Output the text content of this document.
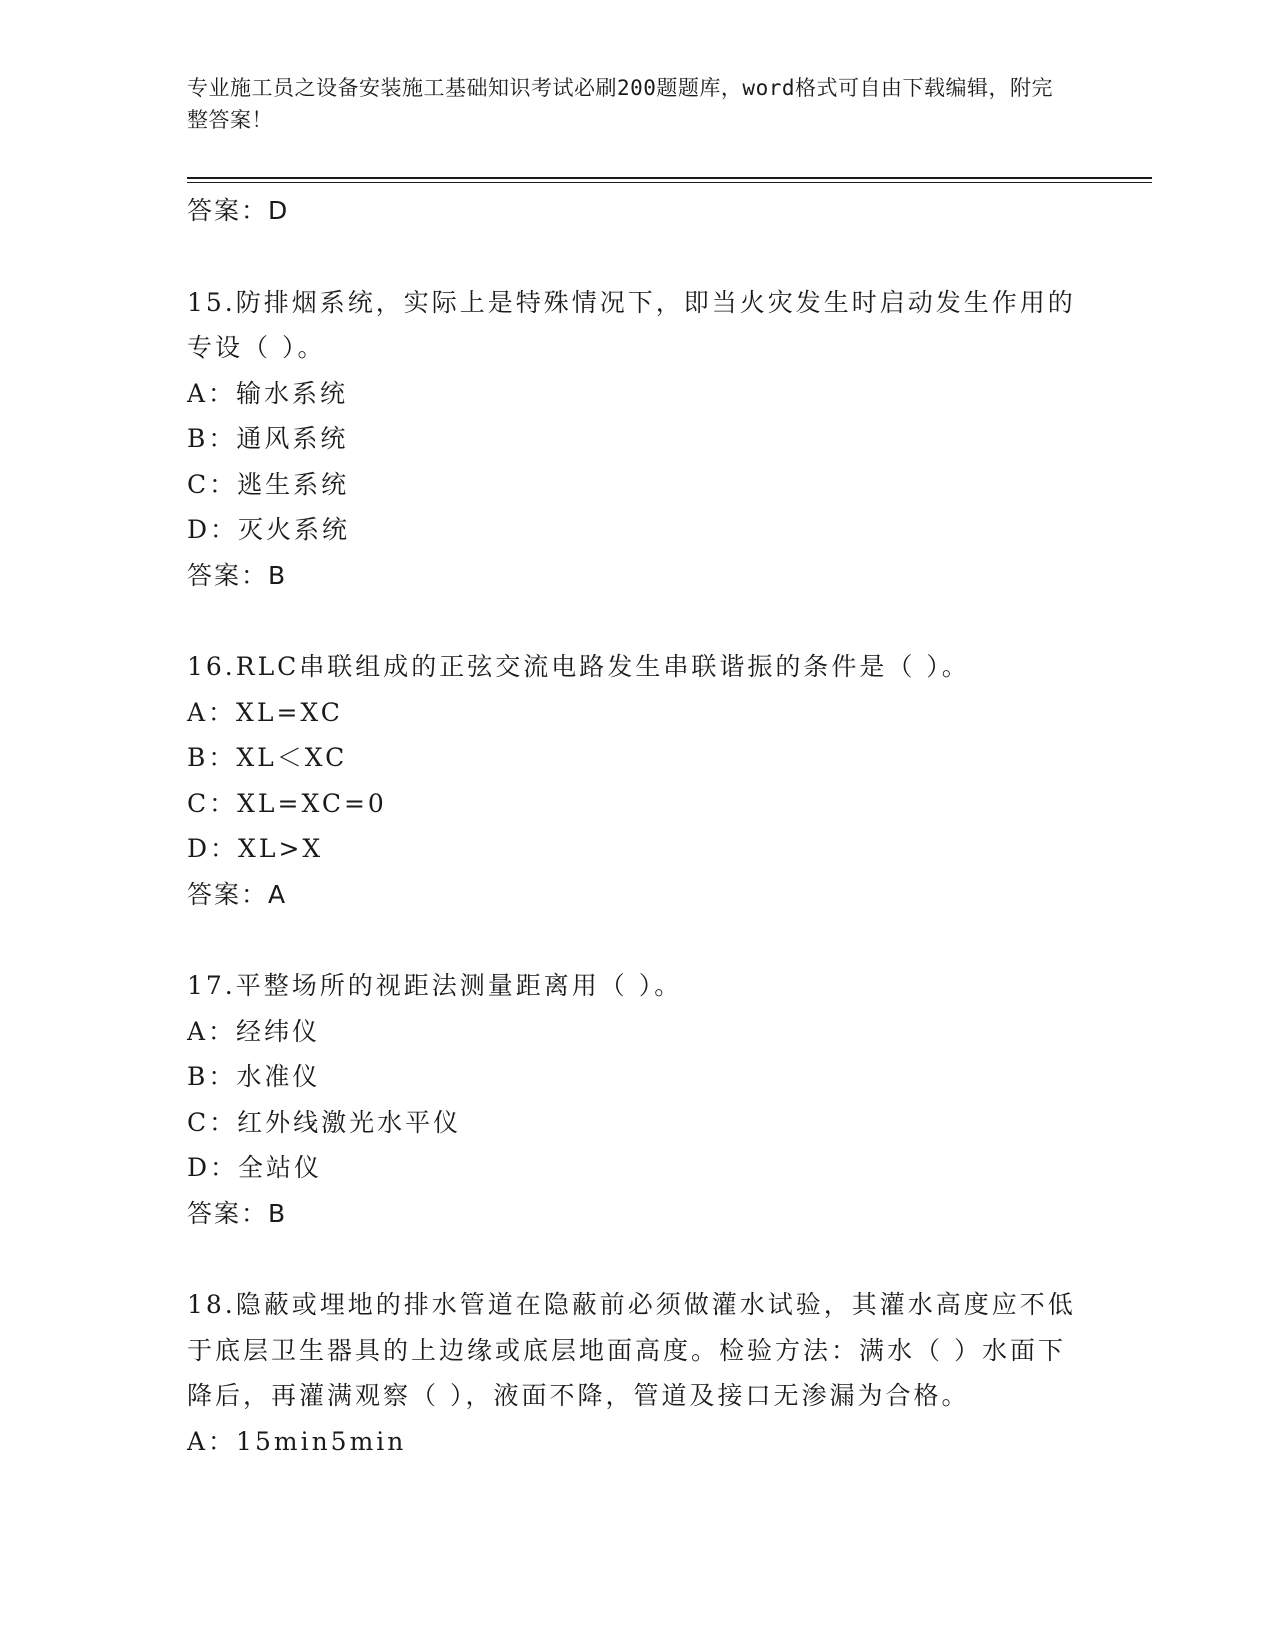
专业施工员之设备安装施工基础知识考试必刷200题题库，word格式可自由下载编辑，附完整答案！
答案：D
15.防排烟系统，实际上是特殊情况下，即当火灾发生时启动发生作用的专设（ ）。
A：输水系统
B：通风系统
C：逃生系统
D：灭火系统
答案：B
16.RLC串联组成的正弦交流电路发生串联谐振的条件是（ ）。
A：XL=XC
B：XL＜XC
C：XL=XC=0
D：XL>X
答案：A
17.平整场所的视距法测量距离用（ ）。
A：经纬仪
B：水准仪
C：红外线激光水平仪
D：全站仪
答案：B
18.隐蔽或埋地的排水管道在隐蔽前必须做灌水试验，其灌水高度应不低于底层卫生器具的上边缘或底层地面高度。检验方法：满水（ ）水面下降后，再灌满观察（ ），液面不降，管道及接口无渗漏为合格。
A：15min5min
